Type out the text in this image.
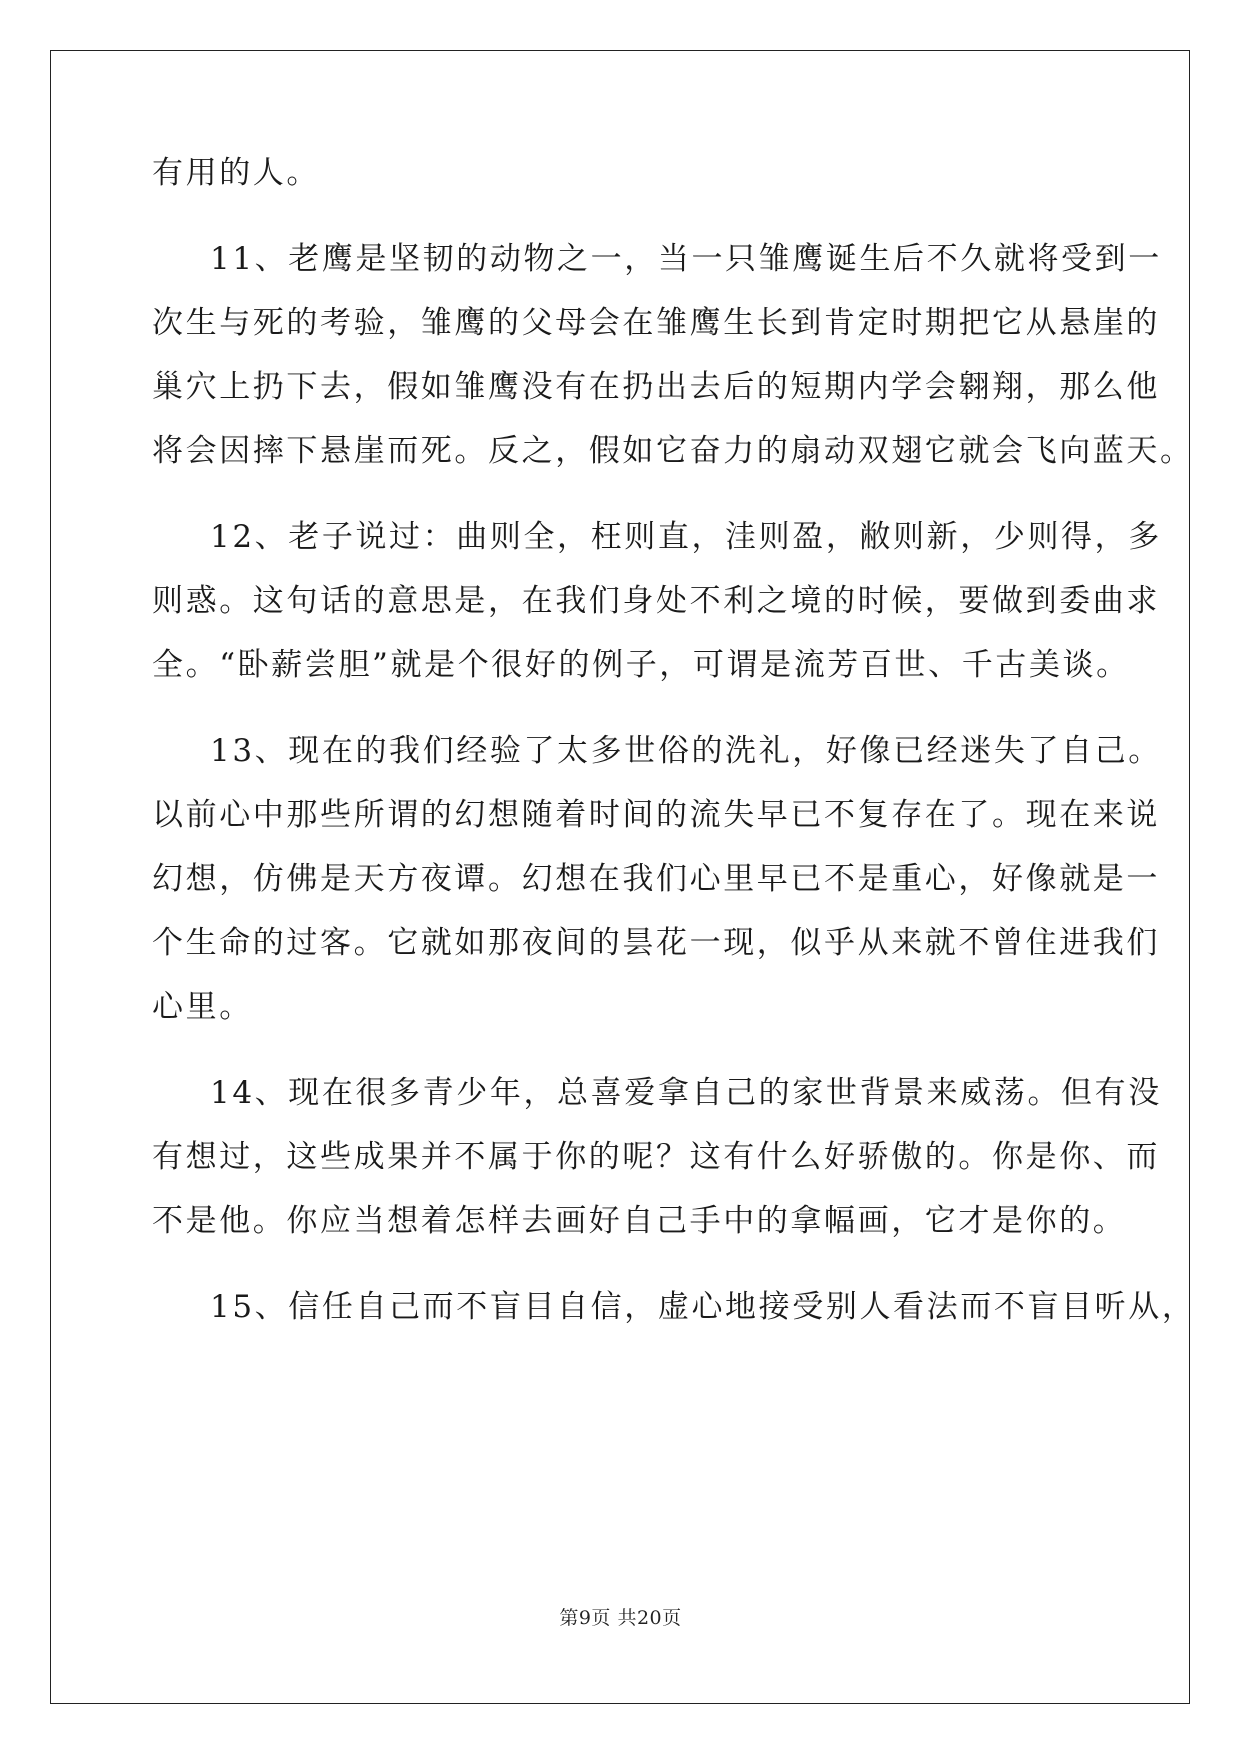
有用的人。
11、老鹰是坚韧的动物之一，当一只雏鹰诞生后不久就将受到一
次生与死的考验，雏鹰的父母会在雏鹰生长到肯定时期把它从悬崖的
巢穴上扔下去，假如雏鹰没有在扔出去后的短期内学会翱翔，那么他
将会因摔下悬崖而死。反之，假如它奋力的扇动双翅它就会飞向蓝天。
12、老子说过：曲则全，枉则直，洼则盈，敝则新，少则得，多
则惑。这句话的意思是，在我们身处不利之境的时候，要做到委曲求
全。“卧薪尝胆”就是个很好的例子，可谓是流芳百世、千古美谈。
13、现在的我们经验了太多世俗的洗礼，好像已经迷失了自己。
以前心中那些所谓的幻想随着时间的流失早已不复存在了。现在来说
幻想，仿佛是天方夜谭。幻想在我们心里早已不是重心，好像就是一
个生命的过客。它就如那夜间的昙花一现，似乎从来就不曾住进我们
心里。
14、现在很多青少年，总喜爱拿自己的家世背景来威荡。但有没
有想过，这些成果并不属于你的呢？这有什么好骄傲的。你是你、而
不是他。你应当想着怎样去画好自己手中的拿幅画，它才是你的。
15、信任自己而不盲目自信，虚心地接受别人看法而不盲目听从，
第9页 共20页
